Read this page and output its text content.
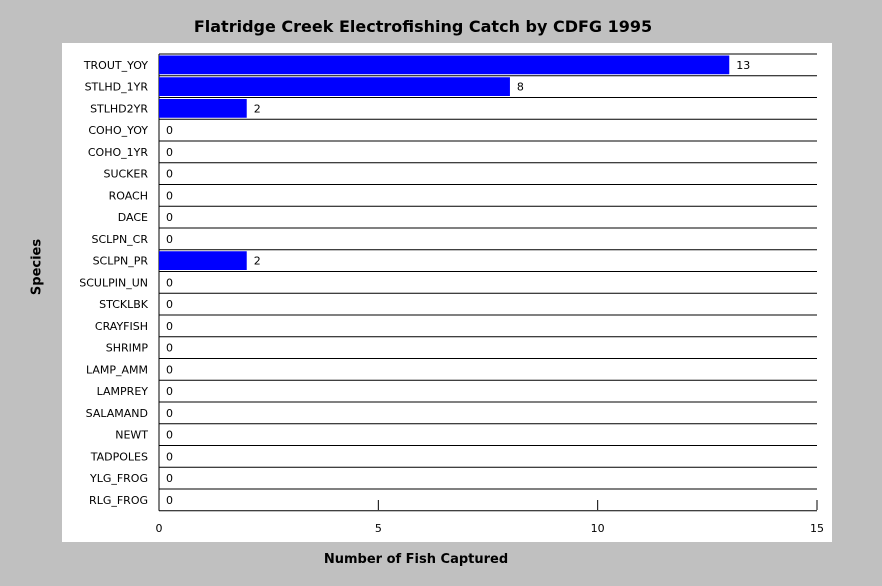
Flatridge Creek Electrofishing Catch by CDFG 1995
TROUT_YOY	13
STLHD_1YR	8
STLHD2YR	2
COHO_YOY 0
COHO_1YR 0
SUCKER 0
ROACH 0
DACE 0
SCLPN_CR 0
SCLPN_PR	2
SCULPIN_UN 0
STCKLBK 0
CRAYFISH 0
SHRIMP 0
LAMP_AMM 0
LAMPREY 0
SALAMAND 0
NEWT 0
TADPOLES 0
YLG_FROG 0
RLG_FROG 0
0	5	10	15
Species
Number of Fish Captured
